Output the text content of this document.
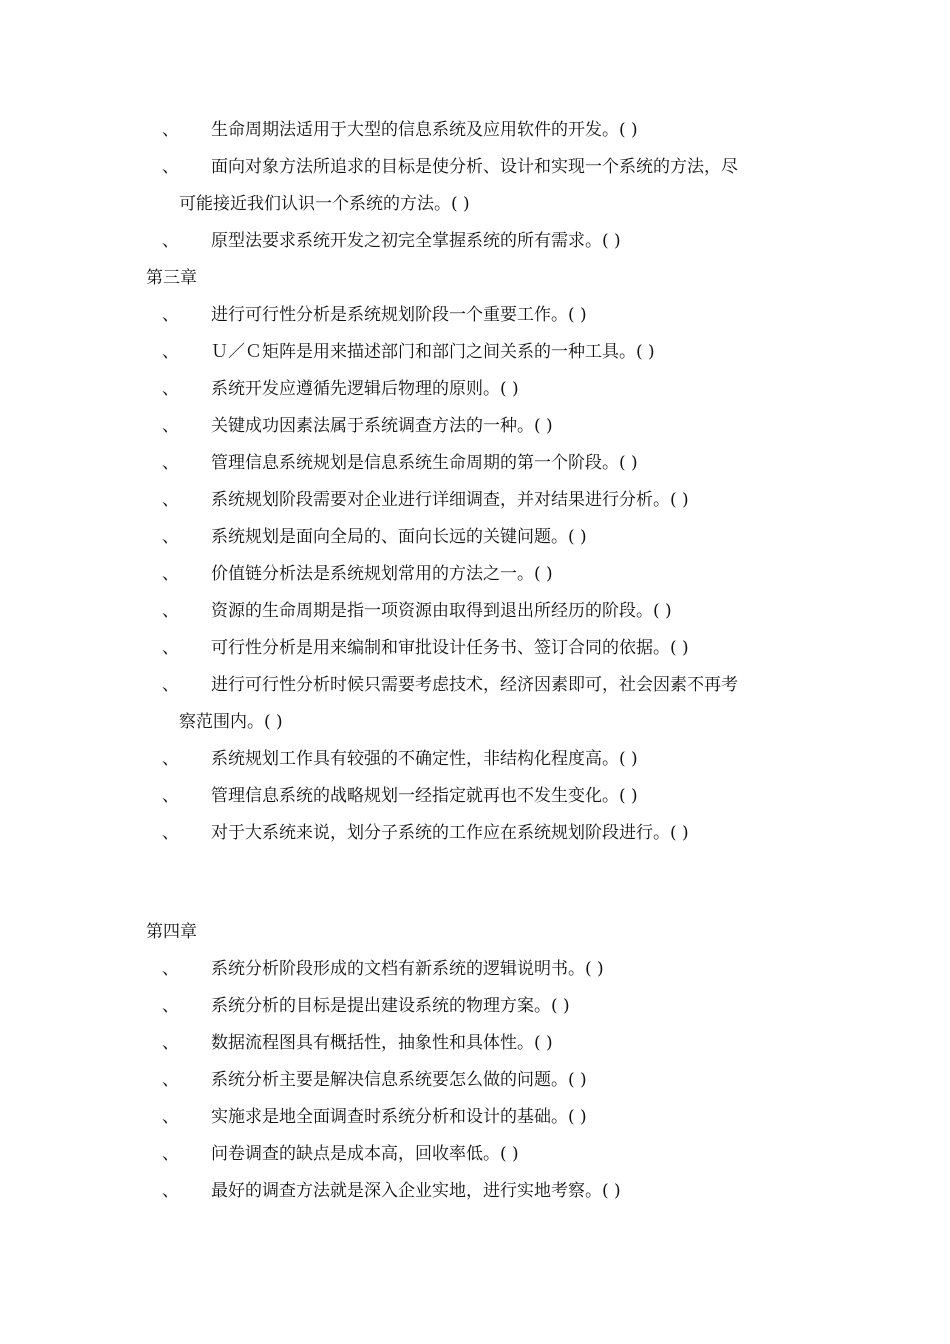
、 生命周期法适用于大型的信息系统及应用软件的开发。( )
、 面向对象方法所追求的目标是使分析、设计和实现一个系统的方法，尽
可能接近我们认识一个系统的方法。( )
、 原型法要求系统开发之初完全掌握系统的所有需求。( )
第三章
、 进行可行性分析是系统规划阶段一个重要工作。( )
、 Ｕ／Ｃ矩阵是用来描述部门和部门之间关系的一种工具。( )
、 系统开发应遵循先逻辑后物理的原则。( )
、 关键成功因素法属于系统调查方法的一种。( )
、 管理信息系统规划是信息系统生命周期的第一个阶段。( )
、 系统规划阶段需要对企业进行详细调查，并对结果进行分析。( )
、 系统规划是面向全局的、面向长远的关键问题。( )
、 价值链分析法是系统规划常用的方法之一。( )
、 资源的生命周期是指一项资源由取得到退出所经历的阶段。( )
、 可行性分析是用来编制和审批设计任务书、签订合同的依据。( )
、 进行可行性分析时候只需要考虑技术，经济因素即可，社会因素不再考
察范围内。( )
、 系统规划工作具有较强的不确定性，非结构化程度高。( )
、 管理信息系统的战略规划一经指定就再也不发生变化。( )
、 对于大系统来说，划分子系统的工作应在系统规划阶段进行。( )
第四章
、 系统分析阶段形成的文档有新系统的逻辑说明书。( )
、 系统分析的目标是提出建设系统的物理方案。( )
、 数据流程图具有概括性，抽象性和具体性。( )
、 系统分析主要是解决信息系统要怎么做的问题。( )
、 实施求是地全面调查时系统分析和设计的基础。( )
、 问卷调查的缺点是成本高，回收率低。( )
、 最好的调查方法就是深入企业实地，进行实地考察。( )
